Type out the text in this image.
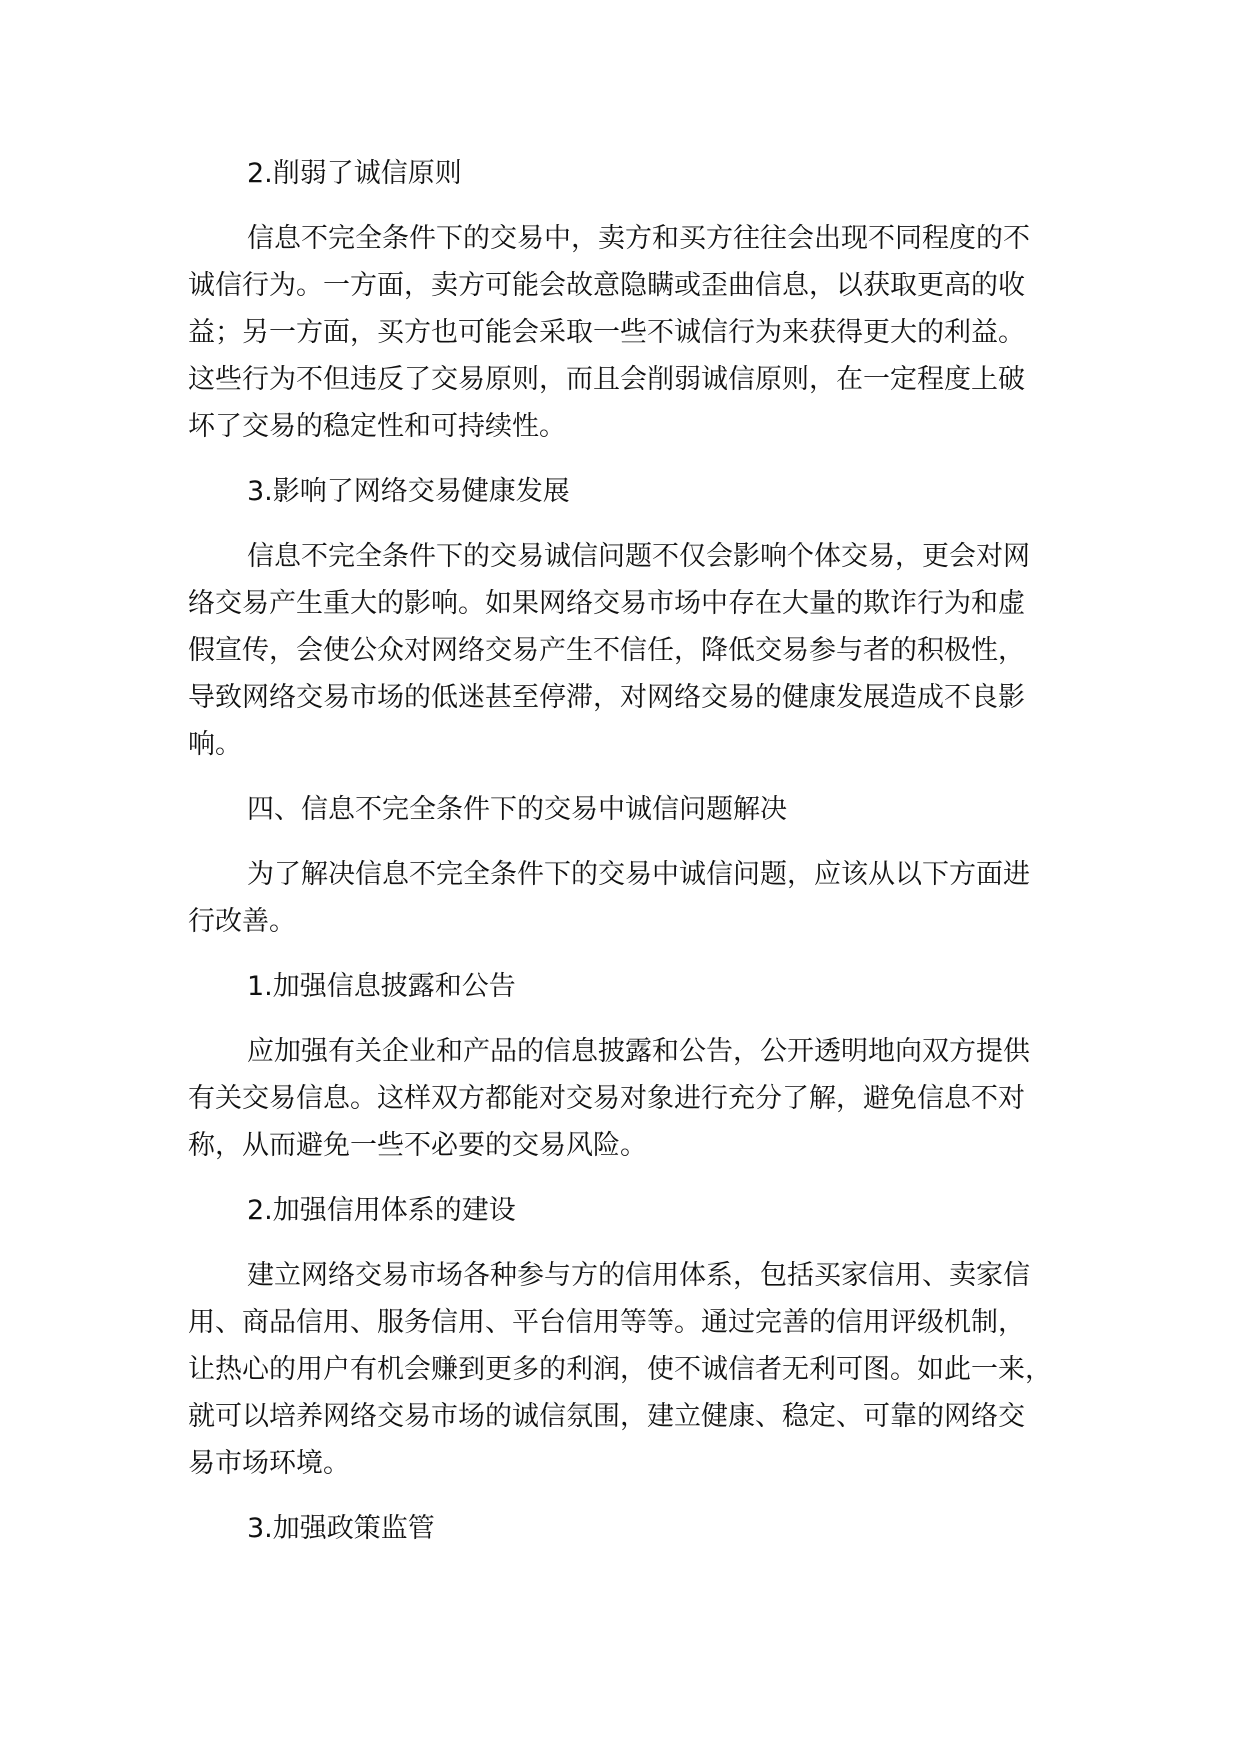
2.削弱了诚信原则
信息不完全条件下的交易中，卖方和买方往往会出现不同程度的不
诚信行为。一方面，卖方可能会故意隐瞒或歪曲信息，以获取更高的收
益；另一方面，买方也可能会采取一些不诚信行为来获得更大的利益。
这些行为不但违反了交易原则，而且会削弱诚信原则，在一定程度上破
坏了交易的稳定性和可持续性。
3.影响了网络交易健康发展
信息不完全条件下的交易诚信问题不仅会影响个体交易，更会对网
络交易产生重大的影响。如果网络交易市场中存在大量的欺诈行为和虚
假宣传，会使公众对网络交易产生不信任，降低交易参与者的积极性，
导致网络交易市场的低迷甚至停滞，对网络交易的健康发展造成不良影
响。
四、信息不完全条件下的交易中诚信问题解决
为了解决信息不完全条件下的交易中诚信问题，应该从以下方面进
行改善。
1.加强信息披露和公告
应加强有关企业和产品的信息披露和公告，公开透明地向双方提供
有关交易信息。这样双方都能对交易对象进行充分了解，避免信息不对
称，从而避免一些不必要的交易风险。
2.加强信用体系的建设
建立网络交易市场各种参与方的信用体系，包括买家信用、卖家信
用、商品信用、服务信用、平台信用等等。通过完善的信用评级机制，
让热心的用户有机会赚到更多的利润，使不诚信者无利可图。如此一来，
就可以培养网络交易市场的诚信氛围，建立健康、稳定、可靠的网络交
易市场环境。
3.加强政策监管
